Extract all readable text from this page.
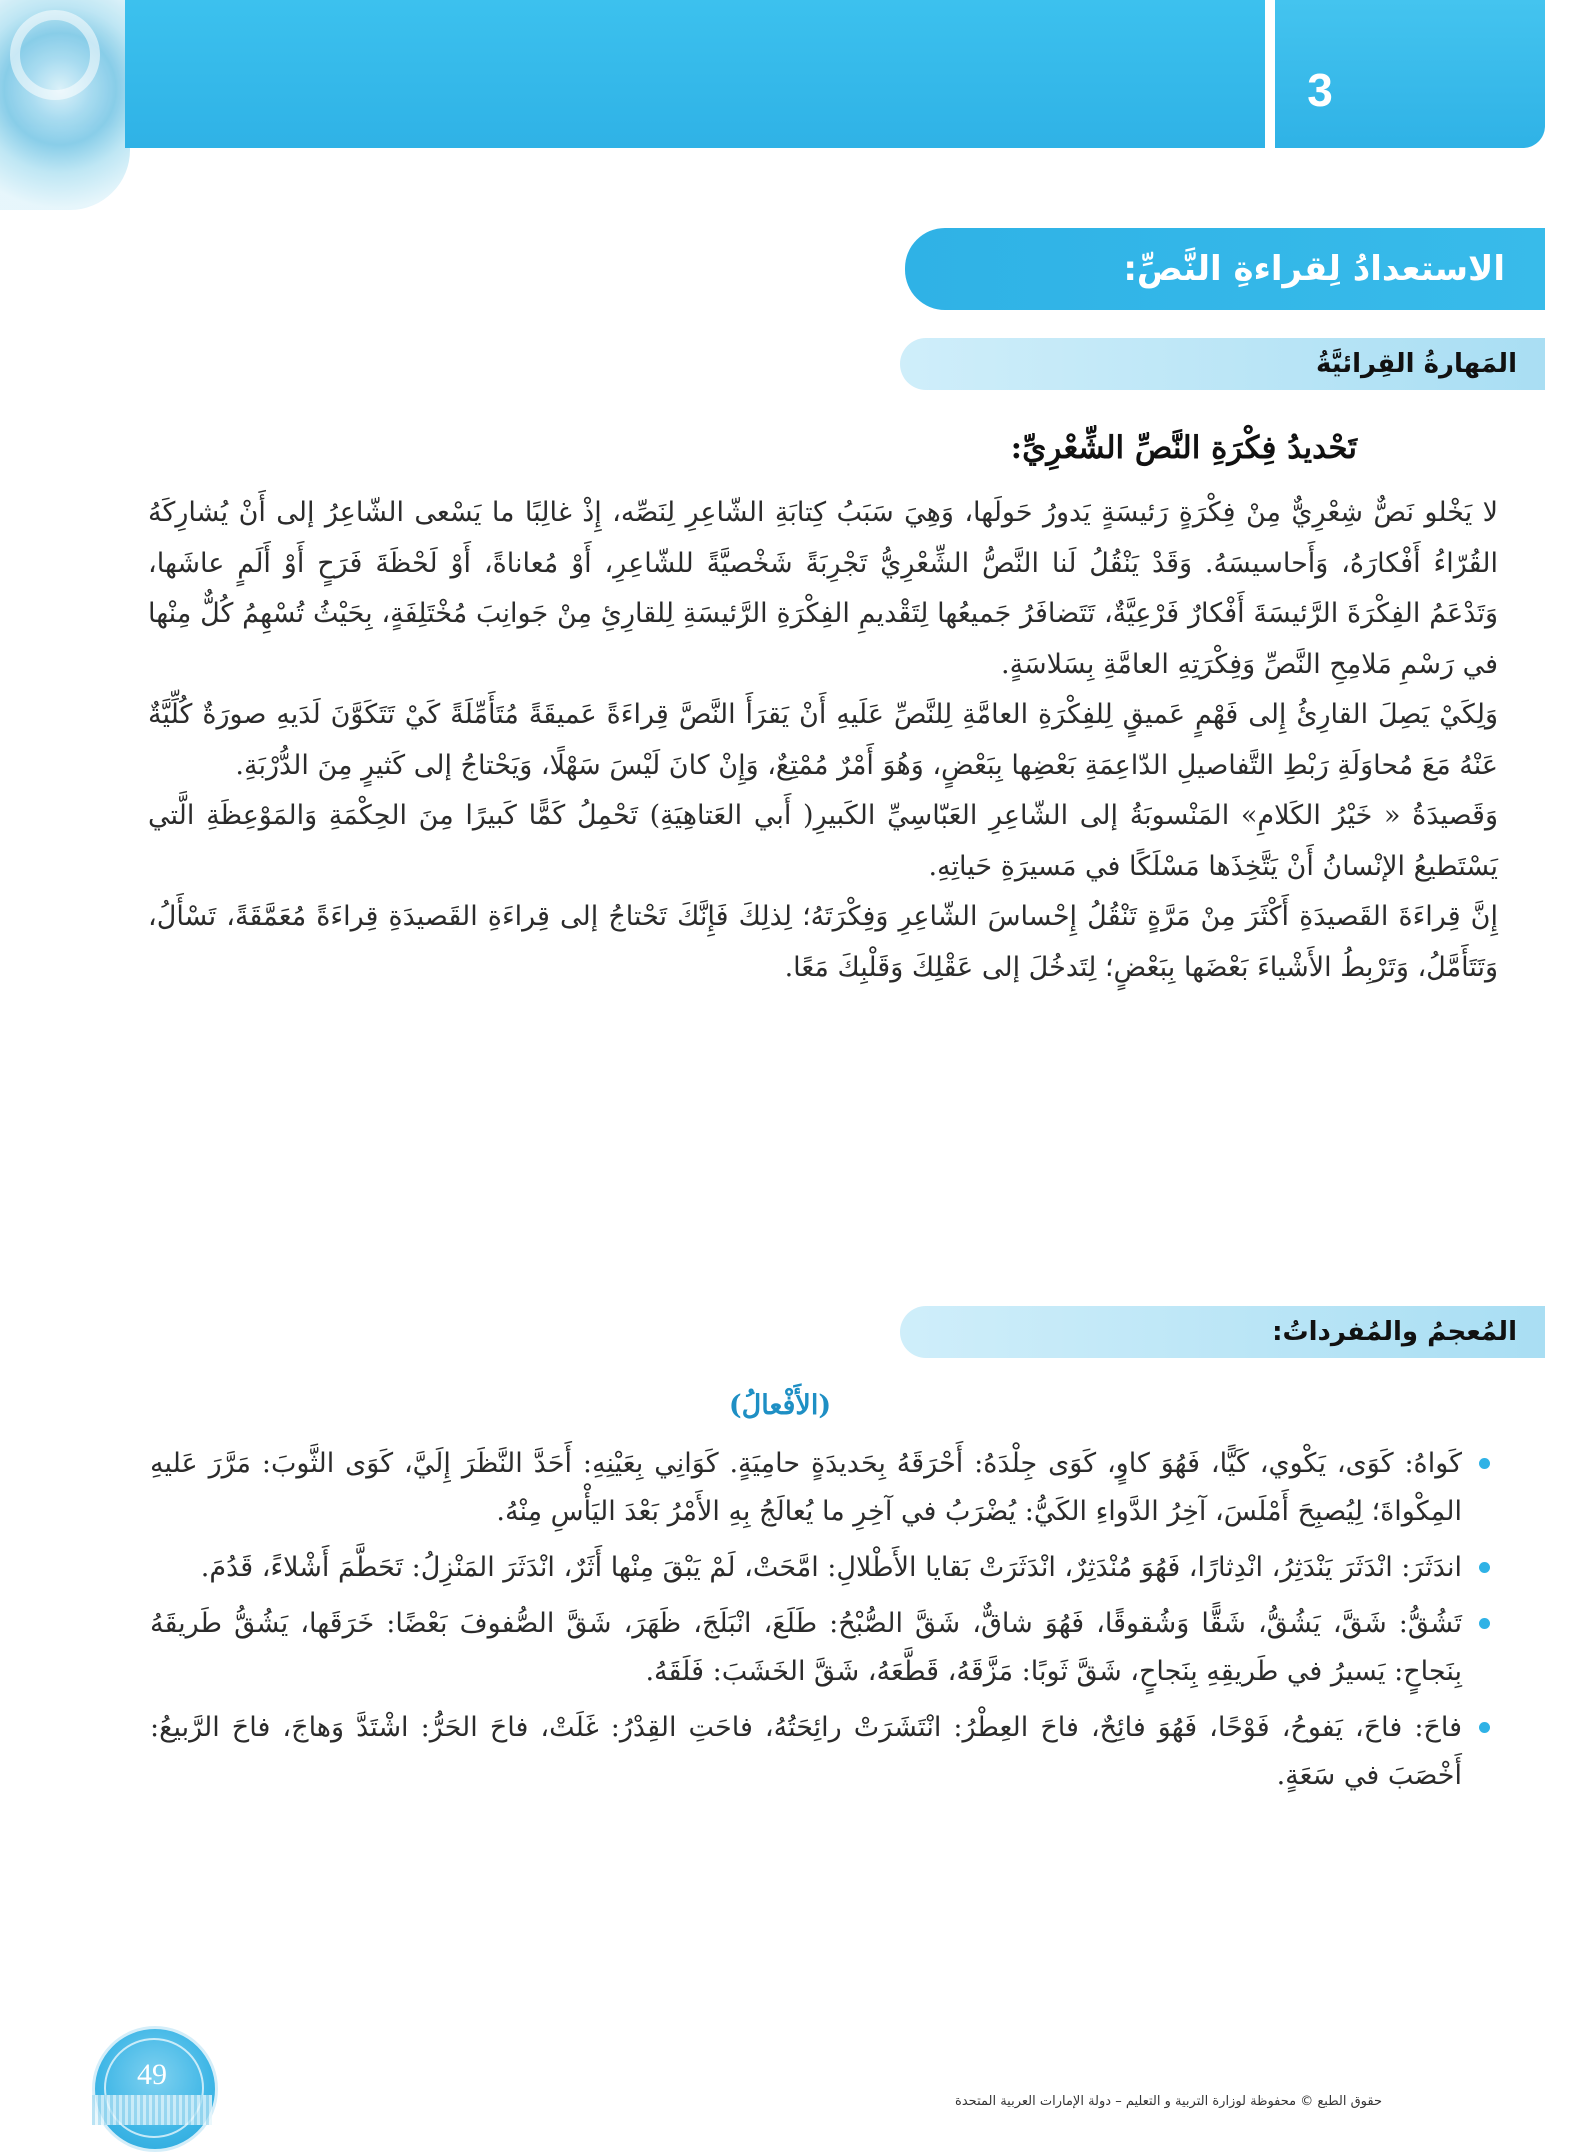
3
الاستعدادُ لِقراءةِ النَّصِّ:
المَهارةُ القِرائيَّةُ
تَحْديدُ فِكْرَةِ النَّصِّ الشِّعْرِيِّ:

لا يَخْلو نَصٌّ شِعْرِيٌّ مِنْ فِكْرَةٍ رَئيسَةٍ يَدورُ حَولَها، وَهِيَ سَبَبُ كِتابَةِ الشّاعِرِ لِنَصِّه، إِذْ غالِبًا ما يَسْعى الشّاعِرُ إلى أَنْ يُشارِكَهُ القُرّاءُ أَفْكارَهُ، وَأَحاسيسَهُ. وَقَدْ يَنْقُلُ لَنا النَّصُّ الشِّعْرِيُّ تَجْرِبَةً شَخْصيَّةً للشّاعِرِ، أَوْ مُعاناةً، أَوْ لَحْظَةَ فَرَحٍ أَوْ أَلَمٍ عاشَها، وَتَدْعَمُ الفِكْرَةَ الرَّئيسَةَ أَفْكارٌ فَرْعِيَّةٌ، تَتَضافَرُ جَميعُها لِتَقْديمِ الفِكْرَةِ الرَّئيسَةِ لِلقارِئِ مِنْ جَوانِبَ مُخْتَلِفَةٍ، بِحَيْثُ تُسْهِمُ كُلٌّ مِنْها في رَسْمِ مَلامِحِ النَّصِّ وَفِكْرَتِهِ العامَّةِ بِسَلاسَةٍ.

وَلِكَيْ يَصِلَ القارِئُ إِلى فَهْمٍ عَميقٍ لِلفِكْرَةِ العامَّةِ لِلنَّصِّ عَلَيهِ أَنْ يَقرَأَ النَّصَّ قِراءَةً عَميقَةً مُتَأَمِّلَةً كَيْ تَتَكَوَّنَ لَدَيهِ صورَةٌ كُلِّيَّةٌ عَنْهُ مَعَ مُحاوَلَةِ رَبْطِ التَّفاصيلِ الدّاعِمَةِ بَعْضِها بِبَعْضٍ، وَهُوَ أَمْرٌ مُمْتِعٌ، وَإِنْ كانَ لَيْسَ سَهْلًا، وَيَحْتاجُ إلى كَثيرٍ مِنَ الدُّرْبَةِ.

وَقَصيدَةُ « خَيْرُ الكَلامِ» المَنْسوبَةُ إلى الشّاعِرِ العَبّاسِيِّ الكَبيرِ( أَبي العَتاهِيَةِ) تَحْمِلُ كَمًّا كَبيرًا مِنَ الحِكْمَةِ وَالمَوْعِظَةِ الَّتي يَسْتَطيعُ الإنْسانُ أَنْ يَتَّخِذَها مَسْلَكًا في مَسيرَةِ حَياتِهِ.

إِنَّ قِراءَةَ القَصيدَةِ أَكْثَرَ مِنْ مَرَّةٍ تَنْقُلُ إِحْساسَ الشّاعِرِ وَفِكْرَتَهُ؛ لِذلِكَ فَإِنَّكَ تَحْتاجُ إلى قِراءَةِ القَصيدَةِ قِراءَةً مُعَمَّقَةً، تَسْأَلُ، وَتَتَأَمَّلُ، وَتَرْبِطُ الأَشْياءَ بَعْضَها بِبَعْضٍ؛ لِتَدخُلَ إلى عَقْلِكَ وَقَلْبِكَ مَعًا.

المُعجمُ والمُفرداتُ:
(الأَفْعالُ)
كَواهُ: كَوَى، يَكْوي، كَيًّا، فَهُوَ كاوٍ، كَوَى جِلْدَهُ: أَحْرَقَهُ بِحَديدَةٍ حامِيَةٍ. كَوَانِي بِعَيْنِهِ: أَحَدَّ النَّظَرَ إِلَيَّ، كَوَى الثَّوبَ: مَرَّرَ عَليهِ المِكْواةَ؛ لِيُصبِحَ أَمْلَسَ، آخِرُ الدَّواءِ الكَيُّ: يُضْرَبُ في آخِرِ ما يُعالَجُ بِهِ الأَمْرُ بَعْدَ اليَأْسِ مِنْهُ.
اندَثَرَ: انْدَثَرَ يَنْدَثِرُ، انْدِثارًا، فَهُوَ مُنْدَثِرٌ، انْدَثَرَتْ بَقايا الأَطْلالِ: امَّحَتْ، لَمْ يَبْقَ مِنْها أَثَرٌ، انْدَثَرَ المَنْزِلُ: تَحَطَّمَ أَشْلاءً، قَدُمَ.
تَشُقُّ: شَقَّ، يَشُقُّ، شَقًّا وَشُقوقًا، فَهُوَ شاقٌّ، شَقَّ الصُّبْحُ: طَلَعَ، انْبَلَجَ، ظَهَرَ، شَقَّ الصُّفوفَ بَعْضًا: خَرَقَها، يَشُقُّ طَريقَهُ بِنَجاحٍ: يَسيرُ في طَريقِهِ بِنَجاحٍ، شَقَّ ثَوبًا: مَزَّقَهُ، قَطَّعَهُ، شَقَّ الخَشَبَ: فَلَقَهُ.
فاحَ: فاحَ، يَفوحُ، فَوْحًا، فَهُوَ فائِحٌ، فاحَ العِطْرُ: انْتَشَرَتْ رائِحَتُهُ، فاحَتِ القِدْرُ: غَلَتْ، فاحَ الحَرُّ: اشْتَدَّ وَهاجَ، فاحَ الرَّبيعُ: أَخْصَبَ في سَعَةٍ.
49
حقوق الطبع © محفوظة لوزارة التربية و التعليم – دولة الإمارات العربية المتحدة
